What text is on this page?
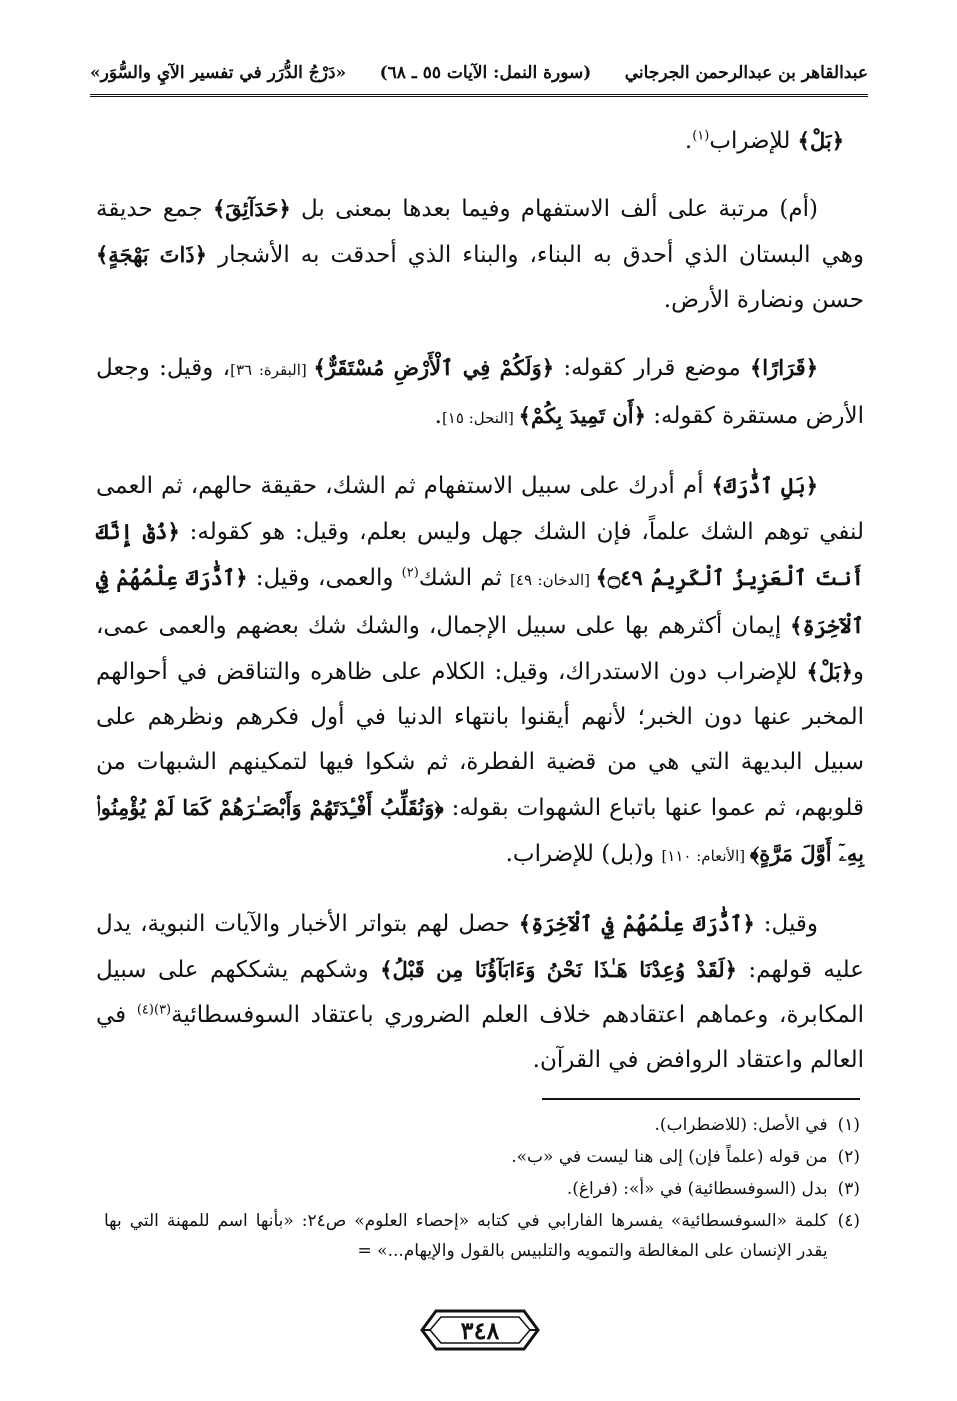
عبدالقاهر بن عبدالرحمن الجرجاني
(سورة النمل: الآيات ٥٥ ـ ٦٨)
«دَرْجُ الدُّرَر في تفسير الآيِ والسُّوَر»

﴿بَلْ﴾ للإضراب$^{(١)}$.

(أم) مرتبة على ألف الاستفهام وفيما بعدها بمعنى بل ﴿حَدَآئِقَ﴾ جمع حديقة وهي البستان الذي أحدق به البناء، والبناء الذي أحدقت به الأشجار ﴿ذَاتَ بَهْجَةٍ﴾ حسن ونضارة الأرض.

﴿قَرَارًا﴾ موضع قرار كقوله: ﴿وَلَكُمْ فِي ٱلْأَرْضِ مُسْتَقَرٌّ﴾ [البقرة: ٣٦]، وقيل: وجعل الأرض مستقرة كقوله: ﴿أَن تَمِيدَ بِكُمْ﴾ [النحل: ١٥].

﴿بَلِ ٱدَّٰرَكَ﴾ أم أدرك على سبيل الاستفهام ثم الشك، حقيقة حالهم، ثم العمى لنفي توهم الشك علماً، فإن الشك جهل وليس بعلم، وقيل: هو كقوله: ﴿ذُقْ إِنَّكَ أَنتَ ٱلْعَزِيزُ ٱلْكَرِيمُ ۝٤٩﴾ [الدخان: ٤٩] ثم الشك$^{(٢)}$ والعمى، وقيل: ﴿ٱدَّٰرَكَ عِلْمُهُمْ فِي ٱلْآخِرَةِ﴾ إيمان أكثرهم بها على سبيل الإجمال، والشك شك بعضهم والعمى عمى، و﴿بَلْ﴾ للإضراب دون الاستدراك، وقيل: الكلام على ظاهره والتناقض في أحوالهم المخبر عنها دون الخبر؛ لأنهم أيقنوا بانتهاء الدنيا في أول فكرهم ونظرهم على سبيل البديهة التي هي من قضية الفطرة، ثم شكوا فيها لتمكينهم الشبهات من قلوبهم، ثم عموا عنها باتباع الشهوات بقوله: ﴿وَنُقَلِّبُ أَفْـِٔدَتَهُمْ وَأَبْصَـٰرَهُمْ كَمَا لَمْ يُؤْمِنُوا۟ بِهِۦٓ أَوَّلَ مَرَّةٍ﴾ [الأنعام: ١١٠] و(بل) للإضراب.

وقيل: ﴿ٱدَّٰرَكَ عِلْمُهُمْ فِي ٱلْآخِرَةِ﴾ حصل لهم بتواتر الأخبار والآيات النبوية، يدل عليه قولهم: ﴿لَقَدْ وُعِدْنَا هَـٰذَا نَحْنُ وَءَابَآؤُنَا مِن قَبْلُ﴾ وشكهم يشككهم على سبيل المكابرة، وعماهم اعتقادهم خلاف العلم الضروري باعتقاد السوفسطائية$^{(٣)(٤)}$ في العالم واعتقاد الروافض في القرآن.

(١)
في الأصل: (للاضطراب).
(٢)
من قوله (علماً فإن) إلى هنا ليست في «ب».
(٣)
بدل (السوفسطائية) في «أ»: (فراغ).
(٤)
كلمة «السوفسطائية» يفسرها الفارابي في كتابه «إحصاء العلوم» ص٢٤: «بأنها اسم للمهنة التي بها يقدر الإنسان على المغالطة والتمويه والتلبيس بالقول والإيهام...» =
٣٤٨
